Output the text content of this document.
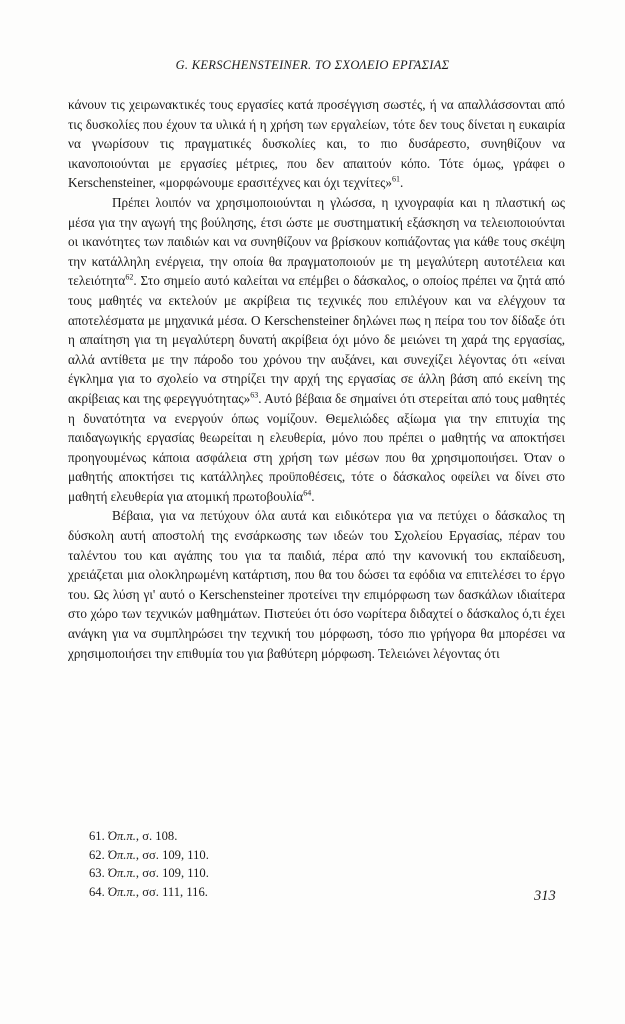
G. KERSCHENSTEINER. ΤΟ ΣΧΟΛΕΙΟ ΕΡΓΑΣΙΑΣ

κάνουν τις χειρωνακτικές τους εργασίες κατά προσέγγιση σωστές, ή να απαλλάσσονται από τις δυσκολίες που έχουν τα υλικά ή η χρήση των εργαλείων, τότε δεν τους δίνεται η ευκαιρία να γνωρίσουν τις πραγματικές δυσκολίες και, το πιο δυσάρεστο, συνηθίζουν να ικανοποιούνται με εργασίες μέτριες, που δεν απαιτούν κόπο. Τότε όμως, γράφει ο Kerschensteiner, «μορφώνουμε ερασιτέχνες και όχι τεχνίτες»$^{61}$.

Πρέπει λοιπόν να χρησιμοποιούνται η γλώσσα, η ιχνογραφία και η πλαστική ως μέσα για την αγωγή της βούλησης, έτσι ώστε με συστηματική εξάσκηση να τελειοποιούνται οι ικανότητες των παιδιών και να συνηθίζουν να βρίσκουν κοπιάζοντας για κάθε τους σκέψη την κατάλληλη ενέργεια, την οποία θα πραγματοποιούν με τη μεγαλύτερη αυτοτέλεια και τελειότητα$^{62}$. Στο σημείο αυτό καλείται να επέμβει ο δάσκαλος, ο οποίος πρέπει να ζητά από τους μαθητές να εκτελούν με ακρίβεια τις τεχνικές που επιλέγουν και να ελέγχουν τα αποτελέσματα με μηχανικά μέσα. Ο Kerschensteiner δηλώνει πως η πείρα του τον δίδαξε ότι η απαίτηση για τη μεγαλύτερη δυνατή ακρίβεια όχι μόνο δε μειώνει τη χαρά της εργασίας, αλλά αντίθετα με την πάροδο του χρόνου την αυξάνει, και συνεχίζει λέγοντας ότι «είναι έγκλημα για το σχολείο να στηρίζει την αρχή της εργασίας σε άλλη βάση από εκείνη της ακρίβειας και της φερεγγυότητας»$^{63}$. Αυτό βέβαια δε σημαίνει ότι στερείται από τους μαθητές η δυνατότητα να ενεργούν όπως νομίζουν. Θεμελιώδες αξίωμα για την επιτυχία της παιδαγωγικής εργασίας θεωρείται η ελευθερία, μόνο που πρέπει ο μαθητής να αποκτήσει προηγουμένως κάποια ασφάλεια στη χρήση των μέσων που θα χρησιμοποιήσει. Όταν ο μαθητής αποκτήσει τις κατάλληλες προϋποθέσεις, τότε ο δάσκαλος οφείλει να δίνει στο μαθητή ελευθερία για ατομική πρωτοβουλία$^{64}$.

Βέβαια, για να πετύχουν όλα αυτά και ειδικότερα για να πετύχει ο δάσκαλος τη δύσκολη αυτή αποστολή της ενσάρκωσης των ιδεών του Σχολείου Εργασίας, πέραν του ταλέντου του και αγάπης του για τα παιδιά, πέρα από την κανονική του εκπαίδευση, χρειάζεται μια ολοκληρωμένη κατάρτιση, που θα του δώσει τα εφόδια να επιτελέσει το έργο του. Ως λύση γι' αυτό ο Kerschensteiner προτείνει την επιμόρφωση των δασκάλων ιδιαίτερα στο χώρο των τεχνικών μαθημάτων. Πιστεύει ότι όσο νωρίτερα διδαχτεί ο δάσκαλος ό,τι έχει ανάγκη για να συμπληρώσει την τεχνική του μόρφωση, τόσο πιο γρήγορα θα μπορέσει να χρησιμοποιήσει την επιθυμία του για βαθύτερη μόρφωση. Τελειώνει λέγοντας ότι

61. Όπ.π., σ. 108.
62. Όπ.π., σσ. 109, 110.
63. Όπ.π., σσ. 109, 110.
64. Όπ.π., σσ. 111, 116.	313
